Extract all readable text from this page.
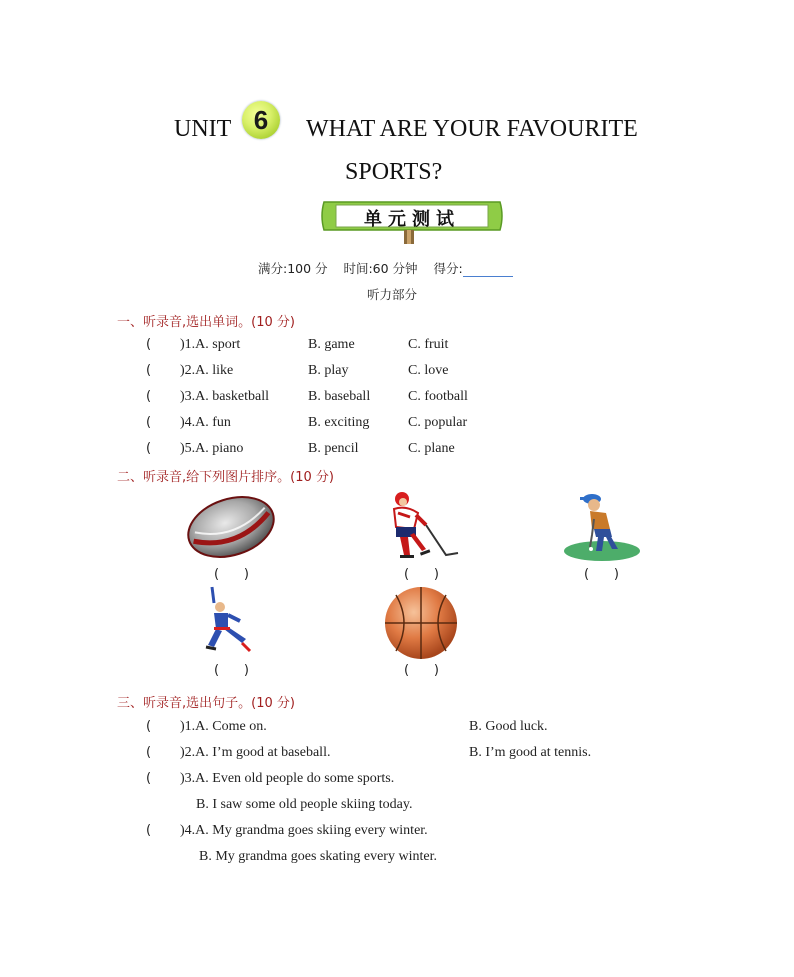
UNIT 6 WHAT ARE YOUR FAVOURITE
SPORTS?
单元测试
满分:100 分 时间:60 分钟 得分:
听力部分
一、听录音,选出单词。(10 分)
( )1.A. sport	B. game	C. fruit
( )2.A. like	B. play	C. love
( )3.A. basketball	B. baseball	C. football
( )4.A. fun	B. exciting	C. popular
( )5.A. piano	B. pencil	C. plane
二、听录音,给下列图片排序。(10 分)
(      )	(      )	(      )
(      )	(      )
三、听录音,选出句子。(10 分)
( )1.A. Come on.	B. Good luck.
( )2.A. I’m good at baseball.	B. I’m good at tennis.
( )3.A. Even old people do some sports.
B. I saw some old people skiing today.
( )4.A. My grandma goes skiing every winter.
B. My grandma goes skating every winter.
